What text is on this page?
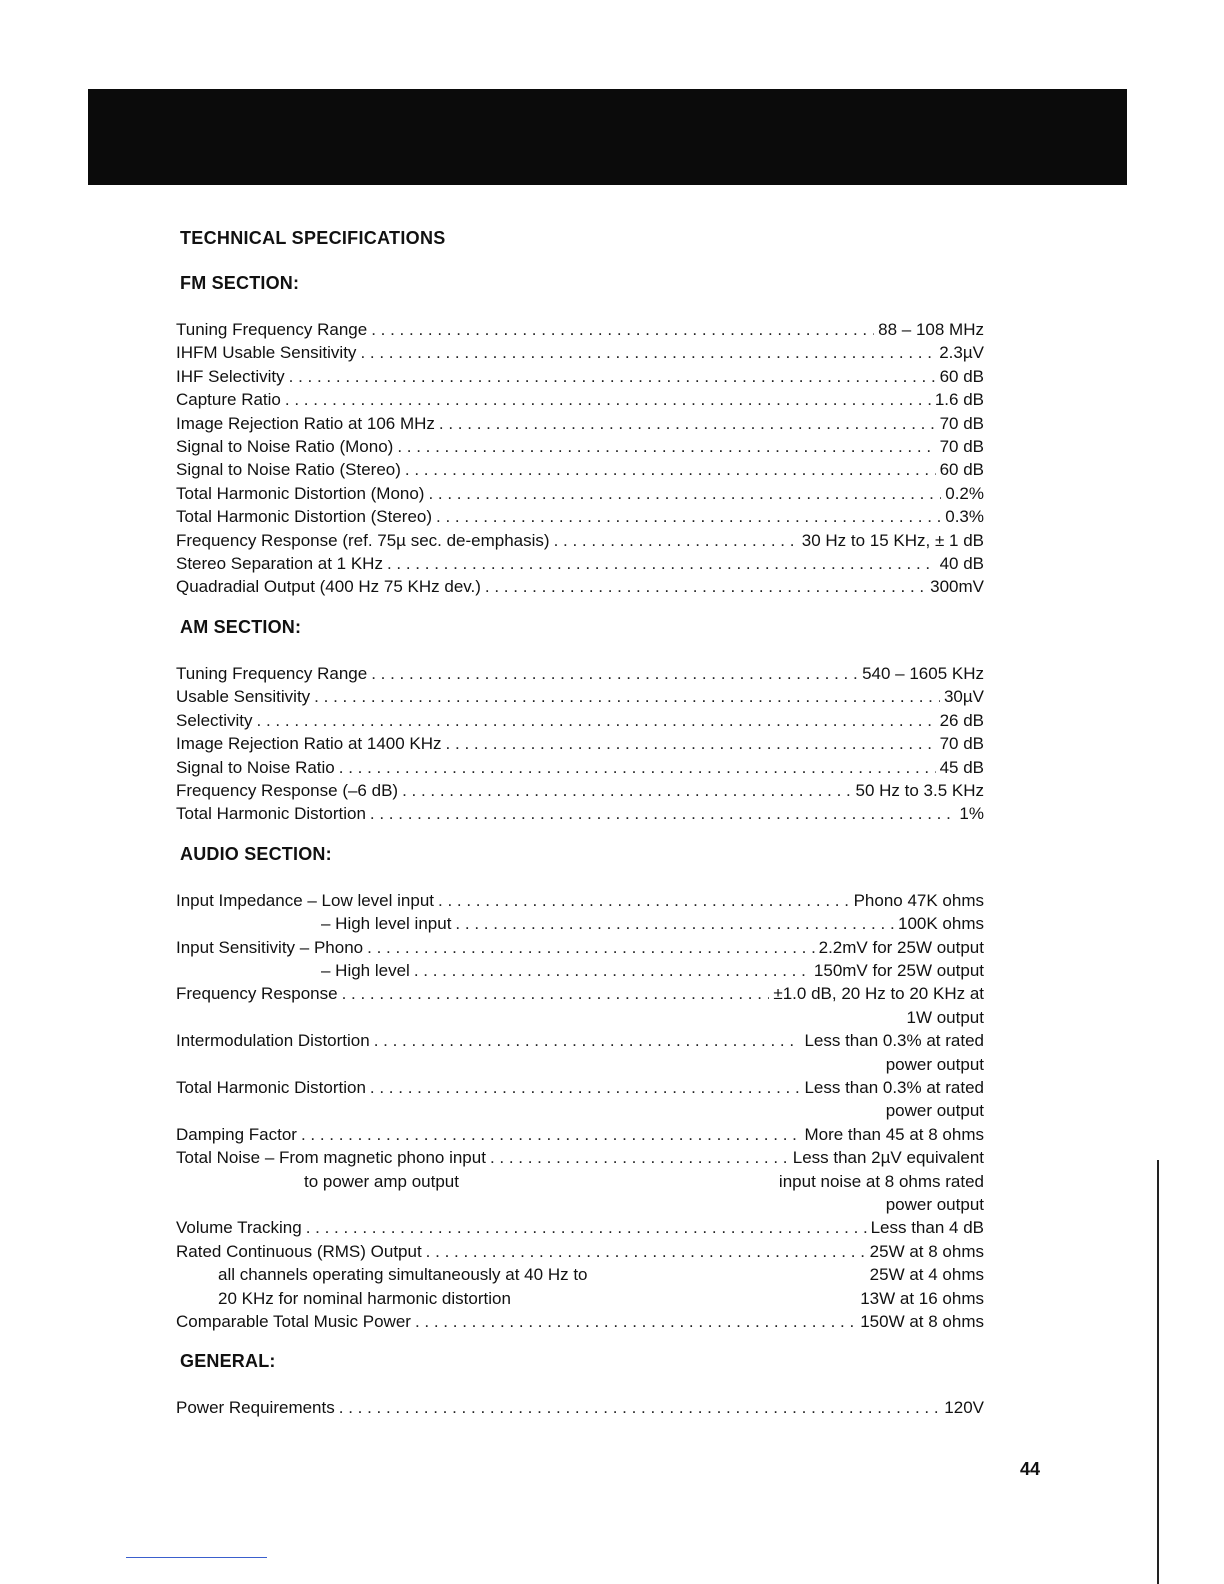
TECHNICAL SPECIFICATIONS
FM SECTION:
Tuning Frequency Range . . .	88 – 108 MHz
IHFM Usable Sensitivity . . .	2.3µV
IHF Selectivity . . .	60 dB
Capture Ratio . . .	1.6 dB
Image Rejection Ratio at 106 MHz . . .	70 dB
Signal to Noise Ratio (Mono) . . .	70 dB
Signal to Noise Ratio (Stereo) . . .	60 dB
Total Harmonic Distortion (Mono) . . .	0.2%
Total Harmonic Distortion (Stereo) . . .	0.3%
Frequency Response (ref. 75µ sec. de-emphasis) . . .	30 Hz to 15 KHz, ± 1 dB
Stereo Separation at 1 KHz . . .	40 dB
Quadradial Output (400 Hz 75 KHz dev.) . . .	300mV
AM SECTION:
Tuning Frequency Range . . .	540 – 1605 KHz
Usable Sensitivity . . .	30µV
Selectivity . . .	26 dB
Image Rejection Ratio at 1400 KHz . . .	70 dB
Signal to Noise Ratio . . .	45 dB
Frequency Response (–6 dB) . . .	50 Hz to 3.5 KHz
Total Harmonic Distortion . . .	1%
AUDIO SECTION:
Input Impedance – Low level input . . .	Phono 47K ohms
– High level input . . .	100K ohms
Input Sensitivity – Phono . . .	2.2mV for 25W output
– High level . . .	150mV for 25W output
Frequency Response . . .	±1.0 dB, 20 Hz to 20 KHz at
1W output
Intermodulation Distortion . . .	Less than 0.3% at rated
power output
Total Harmonic Distortion . . .	Less than 0.3% at rated
power output
Damping Factor . . .	More than 45 at 8 ohms
Total Noise – From magnetic phono input . . .	Less than 2µV equivalent
to power amp output	input noise at 8 ohms rated
power output
Volume Tracking . . .	Less than 4 dB
Rated Continuous (RMS) Output . . .	25W at 8 ohms
all channels operating simultaneously at 40 Hz to	25W at 4 ohms
20 KHz for nominal harmonic distortion	13W at 16 ohms
Comparable Total Music Power . . .	150W at 8 ohms
GENERAL:
Power Requirements . . .	120V
44
